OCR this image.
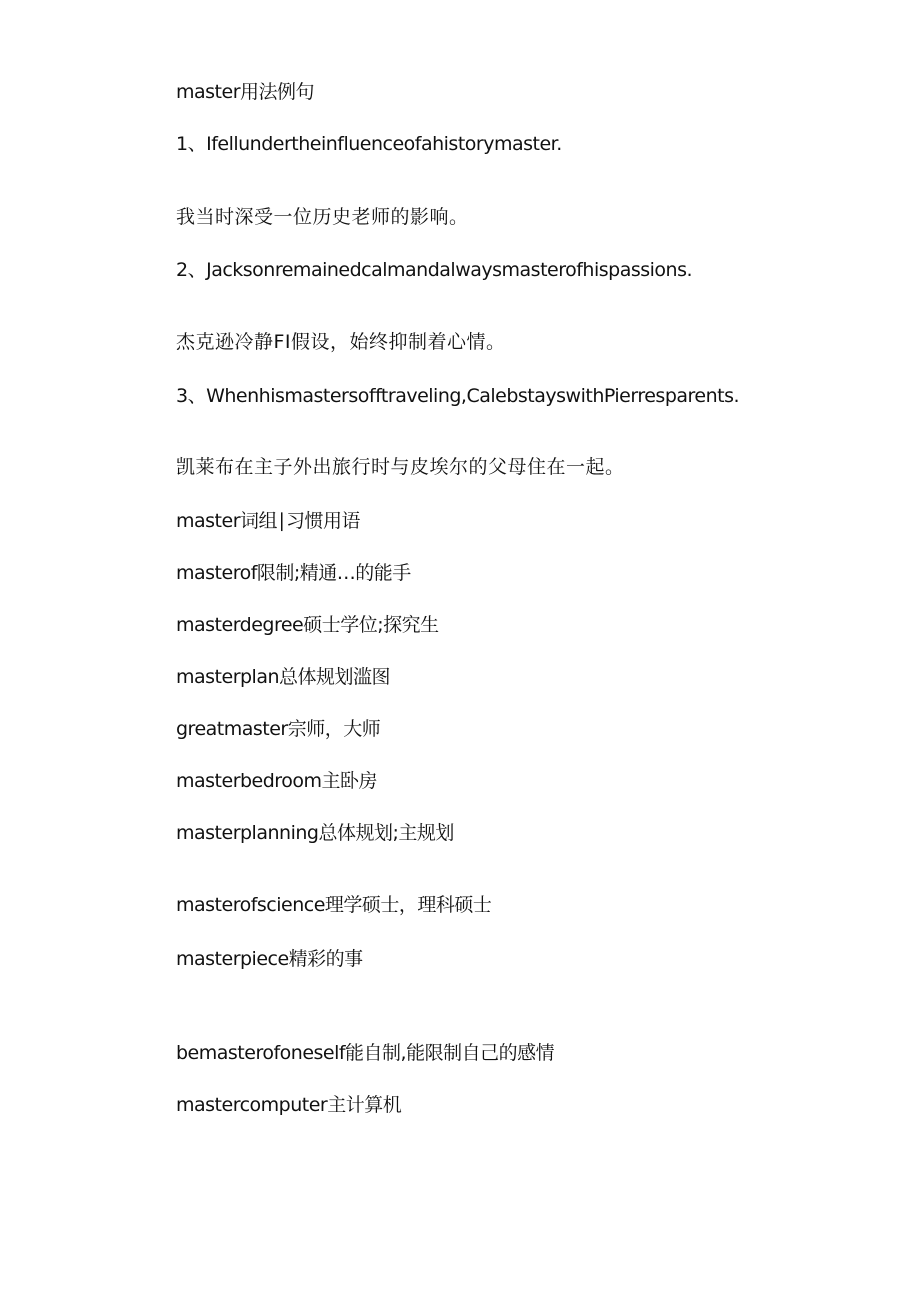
master用法例句
1、Ifellundertheinfluenceofahistorymaster.
我当时深受一位历史老师的影响。
2、Jacksonremainedcalmandalwaysmasterofhispassions.
杰克逊冷静FI假设，始终抑制着心情。
3、Whenhismastersofftraveling,CalebstayswithPierresparents.
凯莱布在主子外出旅行时与皮埃尔的父母住在一起。
master词组∣习惯用语
masterof限制;精通…的能手
masterdegree硕士学位;探究生
masterplan总体规划滥图
greatmaster宗师，大师
masterbedroom主卧房
masterplanning总体规划;主规划
masterofscience理学硕士，理科硕士
masterpiece精彩的事
bemasterofoneself能自制,能限制自己的感情
mastercomputer主计算机
